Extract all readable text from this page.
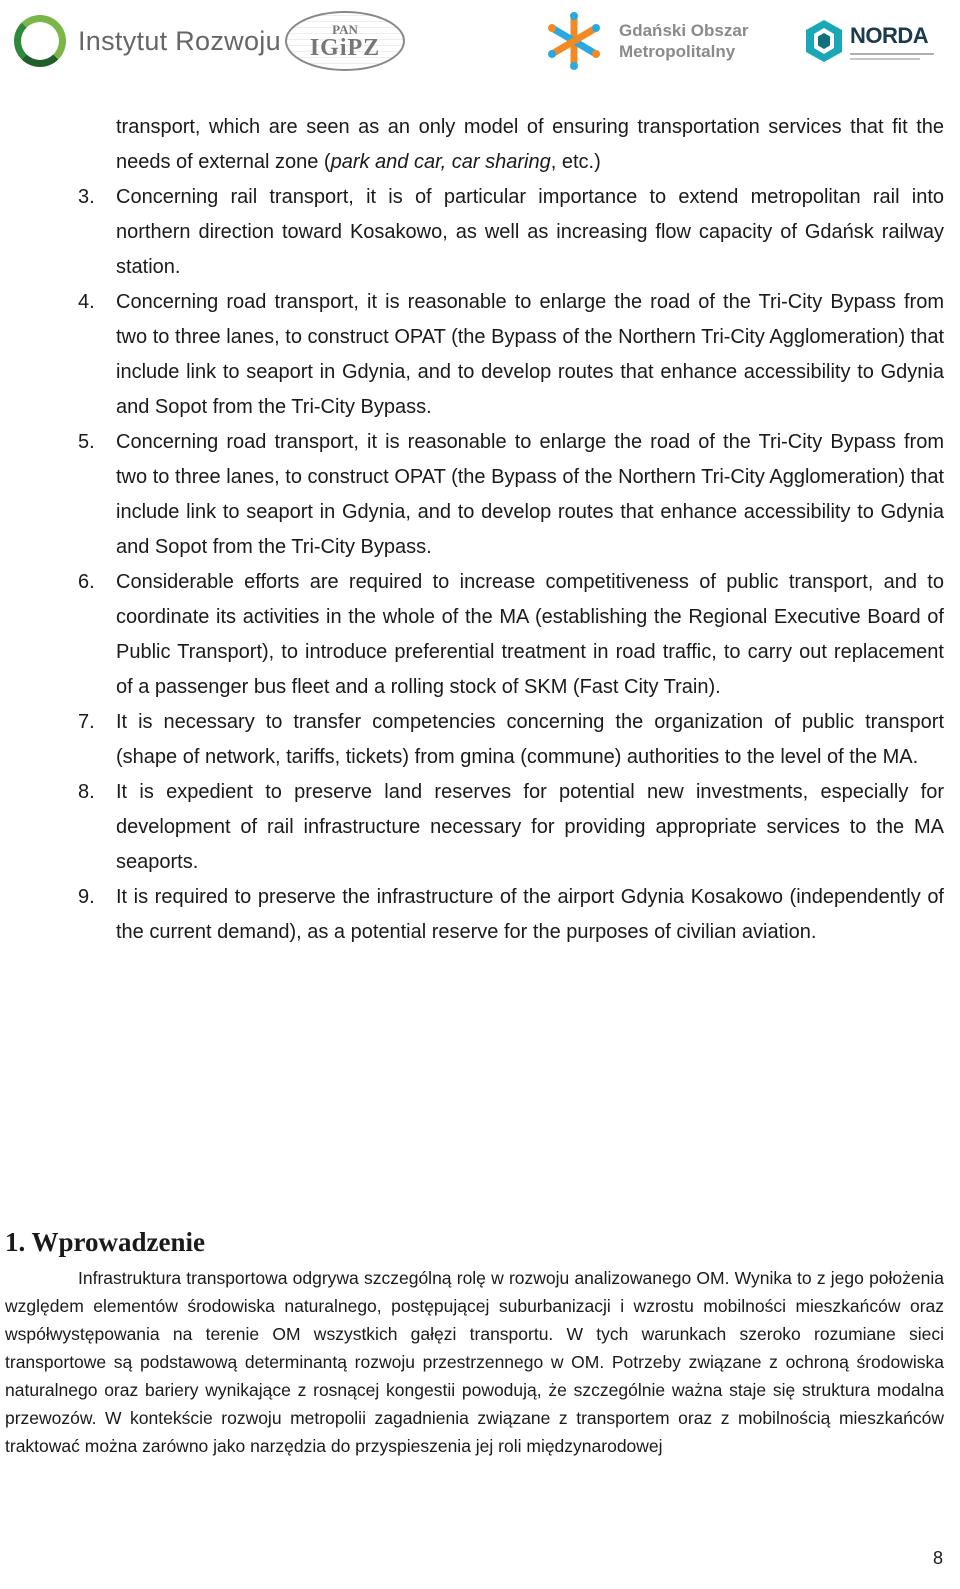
Instytut Rozwoju	PAN
IGiPZ
Gdański Obszar
Metropolitalny
NORDA
transport, which are seen as an only model of ensuring transportation services that fit the needs of external zone (park and car, car sharing, etc.)
3.	Concerning rail transport, it is of particular importance to extend metropolitan rail into northern direction toward Kosakowo, as well as increasing flow capacity of Gdańsk railway station.
4.	Concerning road transport, it is reasonable to enlarge the road of the Tri-City Bypass from two to three lanes, to construct OPAT (the Bypass of the Northern Tri-City Agglomeration) that include link to seaport in Gdynia, and to develop routes that enhance accessibility to Gdynia and Sopot from the Tri-City Bypass.
5.	Concerning road transport, it is reasonable to enlarge the road of the Tri-City Bypass from two to three lanes, to construct OPAT (the Bypass of the Northern Tri-City Agglomeration) that include link to seaport in Gdynia, and to develop routes that enhance accessibility to Gdynia and Sopot from the Tri-City Bypass.
6.	Considerable efforts are required to increase competitiveness of public transport, and to coordinate its activities in the whole of the MA (establishing the Regional Executive Board of Public Transport), to introduce preferential treatment in road traffic, to carry out replacement of a passenger bus fleet and a rolling stock of SKM (Fast City Train).
7.	It is necessary to transfer competencies concerning the organization of public transport (shape of network, tariffs, tickets) from gmina (commune) authorities to the level of the MA.
8.	It is expedient to preserve land reserves for potential new investments, especially for development of rail infrastructure necessary for providing appropriate services to the MA seaports.
9.	It is required to preserve the infrastructure of the airport Gdynia Kosakowo (independently of the current demand), as a potential reserve for the purposes of civilian aviation.
1. Wprowadzenie

Infrastruktura transportowa odgrywa szczególną rolę w rozwoju analizowanego OM. Wynika to z jego położenia względem elementów środowiska naturalnego, postępującej suburbanizacji i wzrostu mobilności mieszkańców oraz współwystępowania na terenie OM wszystkich gałęzi transportu. W tych warunkach szeroko rozumiane sieci transportowe są podstawową determinantą rozwoju przestrzennego w OM. Potrzeby związane z ochroną środowiska naturalnego oraz bariery wynikające z rosnącej kongestii powodują, że szczególnie ważna staje się struktura modalna przewozów. W kontekście rozwoju metropolii zagadnienia związane z transportem oraz z mobilnością mieszkańców traktować można zarówno jako narzędzia do przyspieszenia jej roli międzynarodowej

8
